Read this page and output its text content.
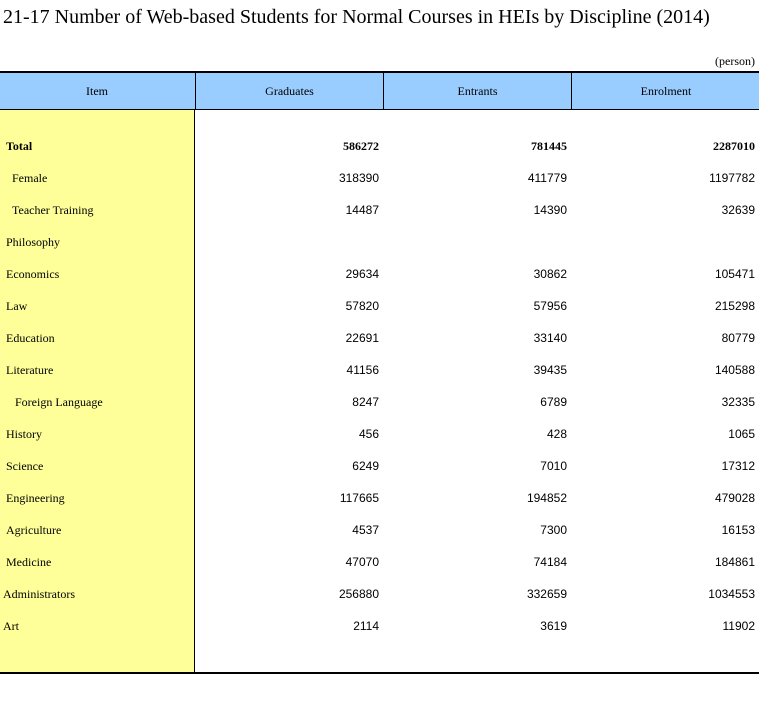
21-17 Number of Web-based Students for Normal Courses in HEIs by Discipline (2014)
(person)
Item	Graduates	Entrants	Enrolment
Total	586272	781445	2287010
Female	318390	411779	1197782
Teacher Training	14487	14390	32639
Philosophy
Economics	29634	30862	105471
Law	57820	57956	215298
Education	22691	33140	80779
Literature	41156	39435	140588
Foreign Language	8247	6789	32335
History	456	428	1065
Science	6249	7010	17312
Engineering	117665	194852	479028
Agriculture	4537	7300	16153
Medicine	47070	74184	184861
Administrators	256880	332659	1034553
Art	2114	3619	11902
